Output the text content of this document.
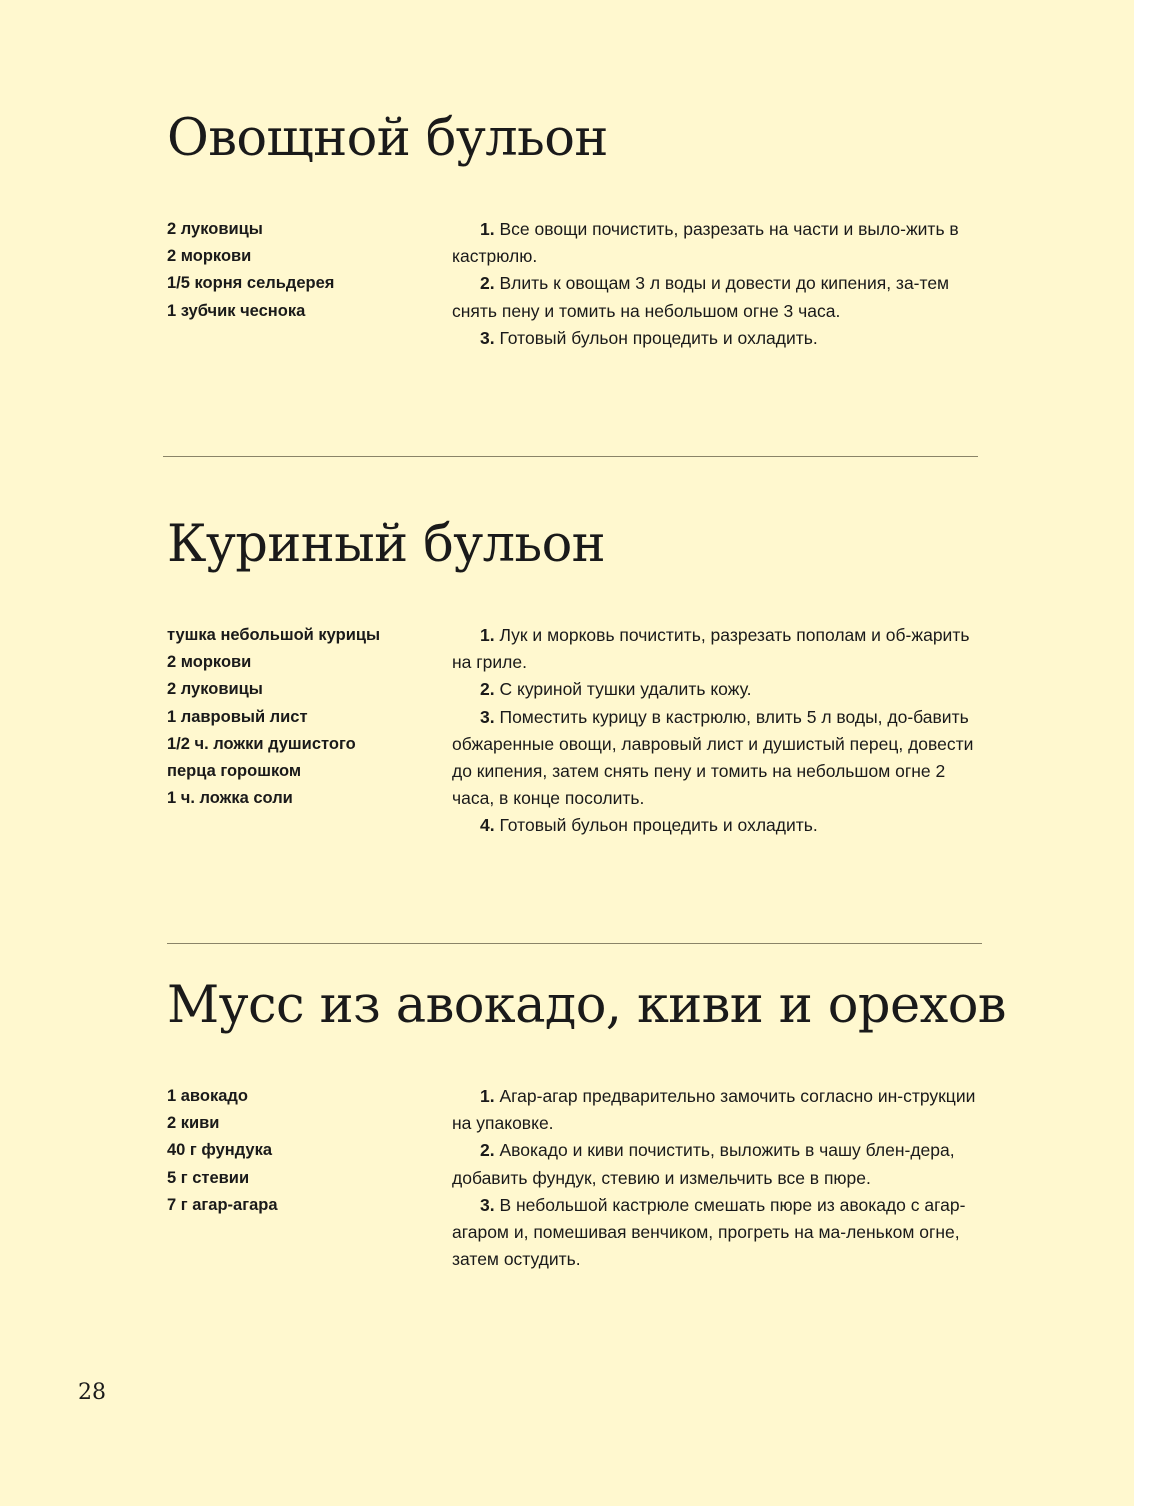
Овощной бульон
2 луковицы
2 моркови
1/5 корня сельдерея
1 зубчик чеснока
1. Все овощи почистить, разрезать на части и выло-жить в кастрюлю.
2. Влить к овощам 3 л воды и довести до кипения, за-тем снять пену и томить на небольшом огне 3 часа.
3. Готовый бульон процедить и охладить.
Куриный бульон
тушка небольшой курицы
2 моркови
2 луковицы
1 лавровый лист
1/2 ч. ложки душистого перца горошком
1 ч. ложка соли
1. Лук и морковь почистить, разрезать пополам и об-жарить на гриле.
2. С куриной тушки удалить кожу.
3. Поместить курицу в кастрюлю, влить 5 л воды, до-бавить обжаренные овощи, лавровый лист и душистый перец, довести до кипения, затем снять пену и томить на небольшом огне 2 часа, в конце посолить.
4. Готовый бульон процедить и охладить.
Мусс из авокадо, киви и орехов
1 авокадо
2 киви
40 г фундука
5 г стевии
7 г агар-агара
1. Агар-агар предварительно замочить согласно ин-струкции на упаковке.
2. Авокадо и киви почистить, выложить в чашу блен-дера, добавить фундук, стевию и измельчить все в пюре.
3. В небольшой кастрюле смешать пюре из авокадо с агар-агаром и, помешивая венчиком, прогреть на ма-леньком огне, затем остудить.
28
